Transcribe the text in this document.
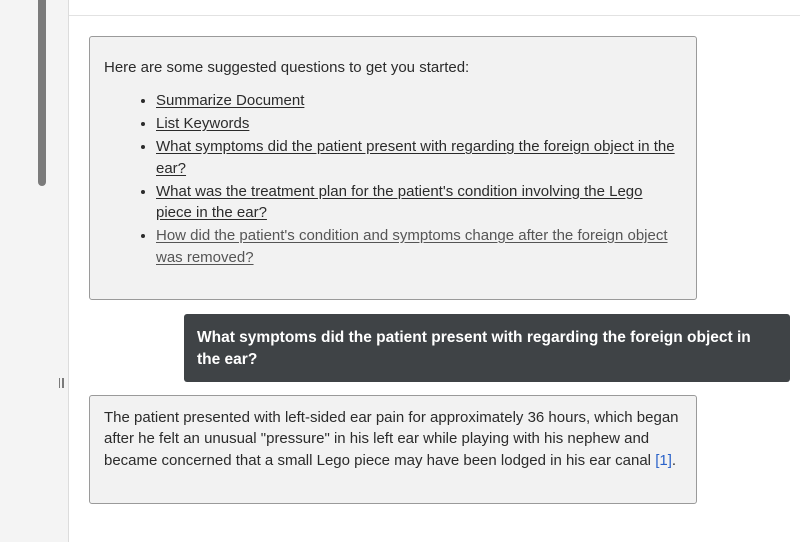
Here are some suggested questions to get you started:

• Summarize Document
• List Keywords
• What symptoms did the patient present with regarding the foreign object in the ear?
• What was the treatment plan for the patient's condition involving the Lego piece in the ear?
• How did the patient's condition and symptoms change after the foreign object was removed?
What symptoms did the patient present with regarding the foreign object in the ear?

The patient presented with left-sided ear pain for approximately 36 hours, which began after he felt an unusual "pressure" in his left ear while playing with his nephew and became concerned that a small Lego piece may have been lodged in his ear canal [1].
